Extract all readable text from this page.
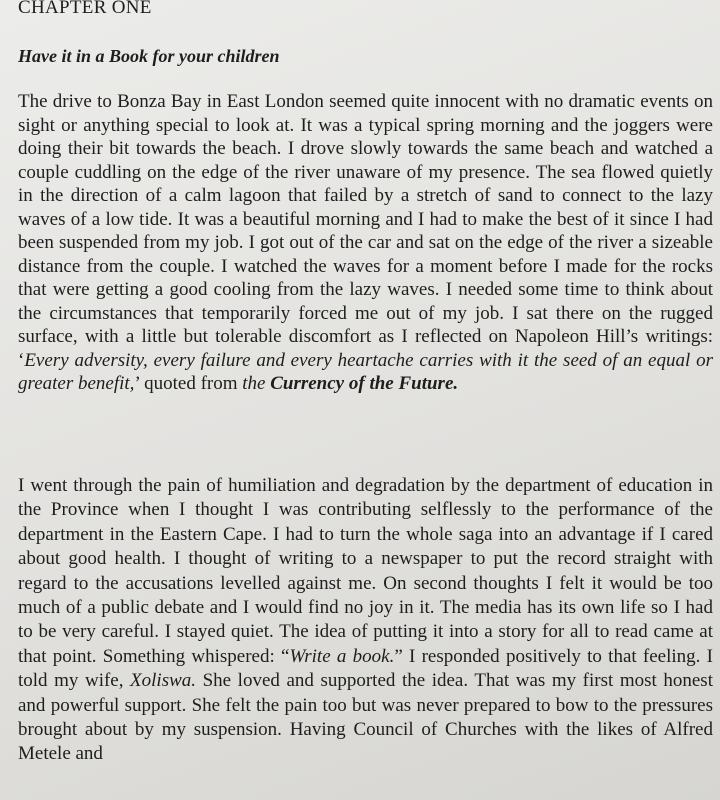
CHAPTER ONE
Have it in a Book for your children

The drive to Bonza Bay in East London seemed quite innocent with no dramatic events on sight or anything special to look at. It was a typical spring morning and the joggers were doing their bit towards the beach. I drove slowly towards the same beach and watched a couple cuddling on the edge of the river unaware of my presence. The sea flowed quietly in the direction of a calm lagoon that failed by a stretch of sand to connect to the lazy waves of a low tide. It was a beautiful morning and I had to make the best of it since I had been suspended from my job. I got out of the car and sat on the edge of the river a sizeable distance from the couple. I watched the waves for a moment before I made for the rocks that were getting a good cooling from the lazy waves. I needed some time to think about the circumstances that temporarily forced me out of my job. I sat there on the rugged surface, with a little but tolerable discomfort as I reflected on Napoleon Hill’s writings: ‘Every adversity, every failure and every heartache carries with it the seed of an equal or greater benefit,’ quoted from the Currency of the Future.

I went through the pain of humiliation and degradation by the department of education in the Province when I thought I was contributing selflessly to the performance of the department in the Eastern Cape. I had to turn the whole saga into an advantage if I cared about good health. I thought of writing to a newspaper to put the record straight with regard to the accusations levelled against me. On second thoughts I felt it would be too much of a public debate and I would find no joy in it. The media has its own life so I had to be very careful. I stayed quiet. The idea of putting it into a story for all to read came at that point. Something whispered: “Write a book.” I responded positively to that feeling. I told my wife, Xoliswa. She loved and supported the idea. That was my first most honest and powerful support. She felt the pain too but was never prepared to bow to the pressures brought about by my suspension. Having Council of Churches with the likes of Alfred Metele and
